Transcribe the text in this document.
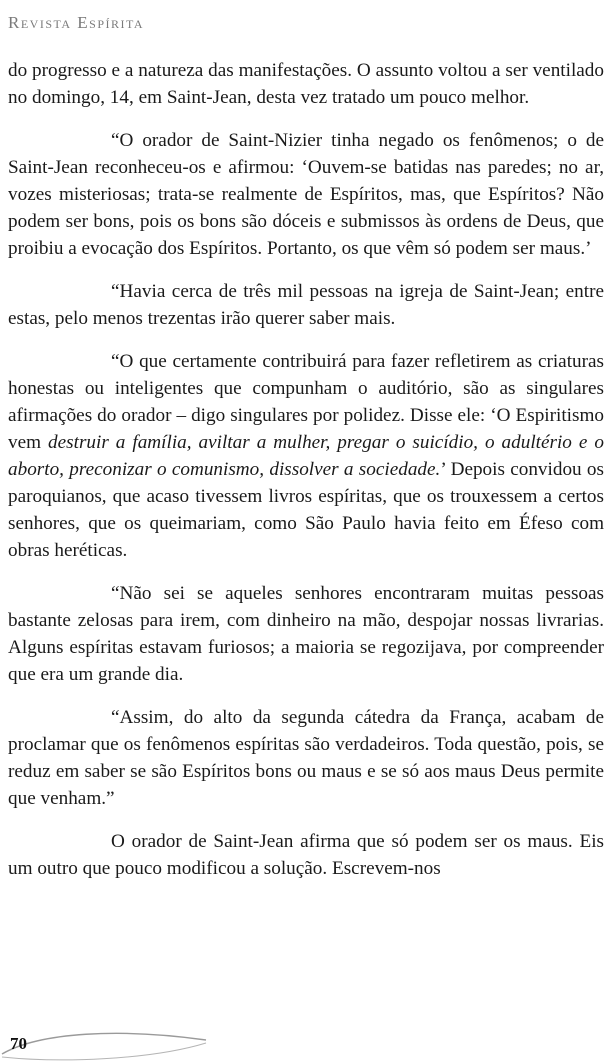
Revista Espírita

do progresso e a natureza das manifestações. O assunto voltou a ser ventilado no domingo, 14, em Saint-Jean, desta vez tratado um pouco melhor.

“O orador de Saint-Nizier tinha negado os fenômenos; o de Saint-Jean reconheceu-os e afirmou: ‘Ouvem-se batidas nas paredes; no ar, vozes misteriosas; trata-se realmente de Espíritos, mas, que Espíritos? Não podem ser bons, pois os bons são dóceis e submissos às ordens de Deus, que proibiu a evocação dos Espíritos. Portanto, os que vêm só podem ser maus.’

“Havia cerca de três mil pessoas na igreja de Saint-Jean; entre estas, pelo menos trezentas irão querer saber mais.

“O que certamente contribuirá para fazer refletirem as criaturas honestas ou inteligentes que compunham o auditório, são as singulares afirmações do orador – digo singulares por polidez. Disse ele: ‘O Espiritismo vem destruir a família, aviltar a mulher, pregar o suicídio, o adultério e o aborto, preconizar o comunismo, dissolver a sociedade.’ Depois convidou os paroquianos, que acaso tivessem livros espíritas, que os trouxessem a certos senhores, que os queimariam, como São Paulo havia feito em Éfeso com obras heréticas.

“Não sei se aqueles senhores encontraram muitas pessoas bastante zelosas para irem, com dinheiro na mão, despojar nossas livrarias. Alguns espíritas estavam furiosos; a maioria se regozijava, por compreender que era um grande dia.

“Assim, do alto da segunda cátedra da França, acabam de proclamar que os fenômenos espíritas são verdadeiros. Toda questão, pois, se reduz em saber se são Espíritos bons ou maus e se só aos maus Deus permite que venham.”

O orador de Saint-Jean afirma que só podem ser os maus. Eis um outro que pouco modificou a solução. Escrevem-nos

70
